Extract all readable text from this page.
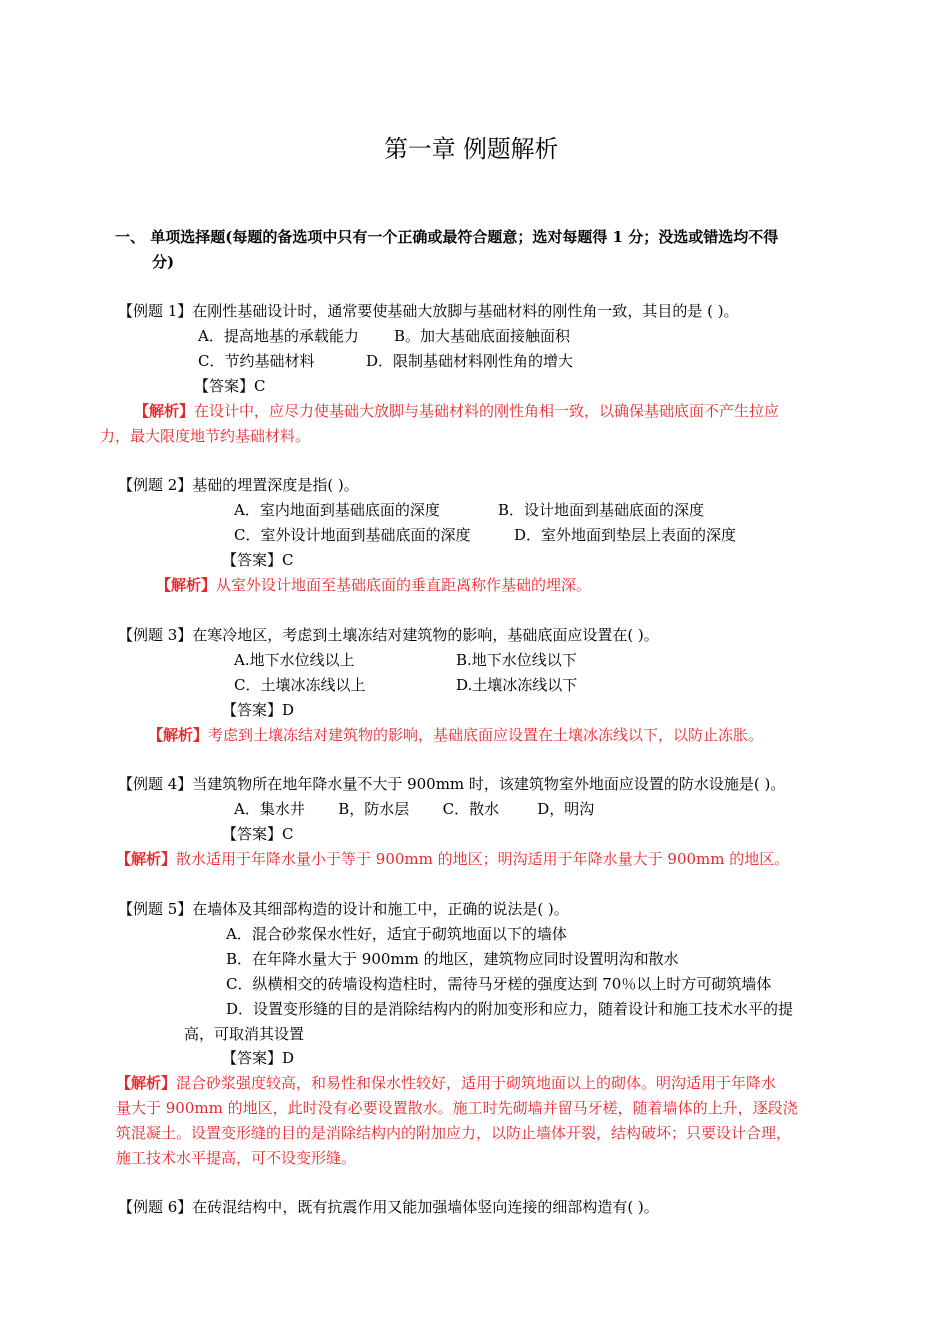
第一章 例题解析
一、 单项选择题(每题的备选项中只有一个正确或最符合题意；选对每题得 1 分；没选或错选均不得
分)
【例题 1】在刚性基础设计时，通常要使基础大放脚与基础材料的刚性角一致，其目的是 ( )。
A．提高地基的承载能力 B。加大基础底面接触面积
C．节约基础材料	D．限制基础材料刚性角的增大
【答案】C
【解析】在设计中，应尽力使基础大放脚与基础材料的刚性角相一致，以确保基础底面不产生拉应
力，最大限度地节约基础材料。
【例题 2】基础的埋置深度是指( )。
A．室内地面到基础底面的深度	B．设计地面到基础底面的深度
C．室外设计地面到基础底面的深度	D．室外地面到垫层上表面的深度
【答案】C
【解析】从室外设计地面至基础底面的垂直距离称作基础的埋深。
【例题 3】在寒冷地区，考虑到土壤冻结对建筑物的影响，基础底面应设置在( )。
A.地下水位线以上	B.地下水位线以下
C．土壤冰冻线以上	D.土壤冰冻线以下
【答案】D
【解析】考虑到土壤冻结对建筑物的影响，基础底面应设置在土壤冰冻线以下，以防止冻胀。
【例题 4】当建筑物所在地年降水量不大于 900mm 时，该建筑物室外地面应设置的防水设施是( )。
A．集水井       B，防水层       C．散水        D，明沟
【答案】C
【解析】散水适用于年降水量小于等于 900mm 的地区；明沟适用于年降水量大于 900mm 的地区。
【例题 5】在墙体及其细部构造的设计和施工中，正确的说法是( )。
A．混合砂浆保水性好，适宜于砌筑地面以下的墙体
B．在年降水量大于 900mm 的地区，建筑物应同时设置明沟和散水
C．纵横相交的砖墙设构造柱时，需待马牙槎的强度达到 70％以上时方可砌筑墙体
D．设置变形缝的目的是消除结构内的附加变形和应力，随着设计和施工技术水平的提
高，可取消其设置
【答案】D
【解析】混合砂浆强度较高，和易性和保水性较好，适用于砌筑地面以上的砌体。明沟适用于年降水
量大于 900mm 的地区，此时没有必要设置散水。施工时先砌墙并留马牙槎，随着墙体的上升，逐段浇
筑混凝土。设置变形缝的目的是消除结构内的附加应力，以防止墙体开裂，结构破坏；只要设计合理，
施工技术水平提高，可不设变形缝。
【例题 6】在砖混结构中，既有抗震作用又能加强墙体竖向连接的细部构造有( )。
